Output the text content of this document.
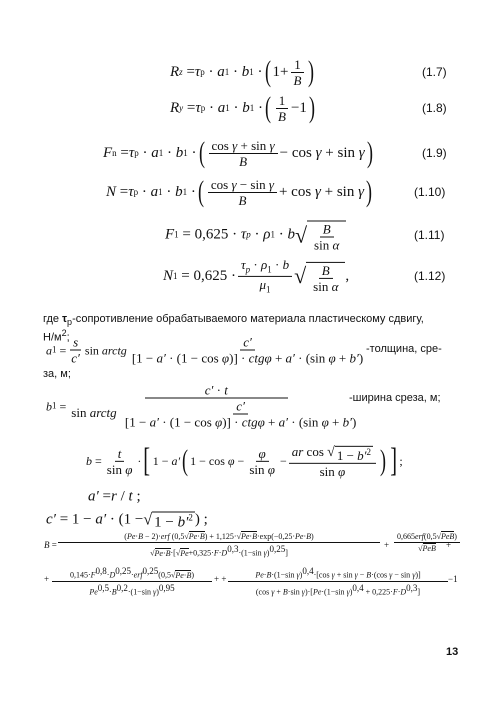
R z = τ p · a 1 · b 1 · ( $1+ \frac{1}{B}$ )	(1.7)
R y = τ p · a 1 · b 1 · ( $\frac{1}{B} -1$ )	(1.8)
F n = τ p · a 1 · b 1 · ( $\frac{\text{cos γ + sin γ}}{B} - \cos \gamma + \sin \gamma$ )	(1.9)
N = τ p · a 1 · b 1 · ( $\frac{\text{cos γ − sin γ}}{B} + \cos \gamma + \sin \gamma$ )	(1.10)
F 1 = 0,625 · τ p · ρ 1 · b √ $\frac{B}{\text{sin α}}$	(1.11)
N $1 = 0,625 \cdot \frac{\tau_p \cdot \rho_1 \cdot b}{\mu_1}$ √ $\frac{B}{\text{sin α}}$ ,	(1.12)
где $\tau_p$-сопротивление обрабатываемого материала пластическому сдвигу,
$Н/м^2$;
a $1 = \frac{s}{c'}$ sin arctg $\frac{c'}{\text{[1 − a′ · (1 − cos φ)] · ctgφ + a′ · (sin φ + b′)}}$ -толщина, сре-
за, м;
b 1 =
c′ · t
sin arctg $\frac{c'}{\text{[1 − a′ · (1 − cos φ)] · ctgφ + a′ · (sin φ + b′)}}$
-ширина среза, м;
$b = \frac{t}{\text{sin φ}}$ · [ 1 − a′ ( $1 - \cos \varphi - \frac{\varphi}{\text{sin φ}} - \frac{ar \cos √ 1 - b'^2}{\text{sin φ}}$ ) ] ;
a′ = r / t ;
c′ = 1 − a′ · (1 − √ $1 - b'^2$ ) ;
B =
(Pe·B − 2)·erf (0,5√Pe·B) + 1,125·√Pe·B·exp(−0,25·Pe·B)
$√Pe\cdot B\cdot[√Pe+0,325\cdot F\cdot D^{0,3}\cdot(1-\sin$ γ)$^{0,25}$]
+
0,665erf(0,5√PeB)
√PeB	+
+	$0,145\cdot F^{0,8}\cdot D^{0,25}\cdot erf^{0,25}(0,5√Pe\cdot B)$
$Pe^{0,5}\cdot B^{0,2}\cdot(1-\sin$ γ)$^{0,95}$
+ +	Pe·B·(1−sin γ)$^{0,4}$·[cos γ + sin γ − B·(cos γ − sin γ)]
(cos γ + B·sin γ)·[Pe·(1−sin $\gamma)^{0,4} + 0,225\cdot F\cdot D^{0,3}$]
−1
13
